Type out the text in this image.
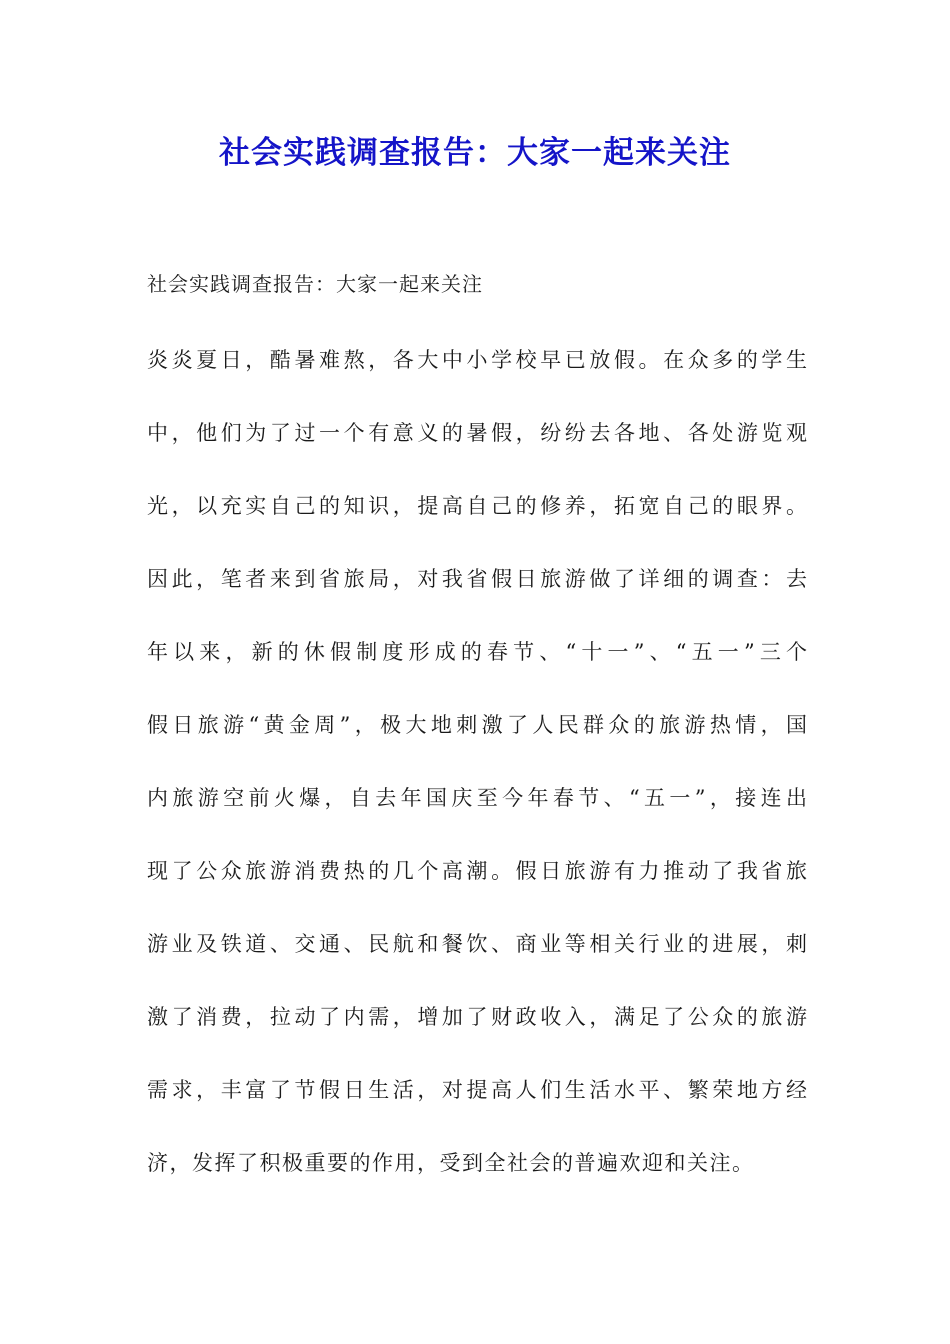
社会实践调查报告：大家一起来关注
社会实践调查报告：大家一起来关注
炎炎夏日，酷暑难熬，各大中小学校早已放假。在众多的学生
中，他们为了过一个有意义的暑假，纷纷去各地、各处游览观
光，以充实自己的知识，提高自己的修养，拓宽自己的眼界。
因此，笔者来到省旅局，对我省假日旅游做了详细的调查：去
年以来，新的休假制度形成的春节、“十一”、“五一”三个
假日旅游“黄金周”，极大地刺激了人民群众的旅游热情，国
内旅游空前火爆，自去年国庆至今年春节、“五一”，接连出
现了公众旅游消费热的几个高潮。假日旅游有力推动了我省旅
游业及铁道、交通、民航和餐饮、商业等相关行业的进展，刺
激了消费，拉动了内需，增加了财政收入，满足了公众的旅游
需求，丰富了节假日生活，对提高人们生活水平、繁荣地方经
济，发挥了积极重要的作用，受到全社会的普遍欢迎和关注。
